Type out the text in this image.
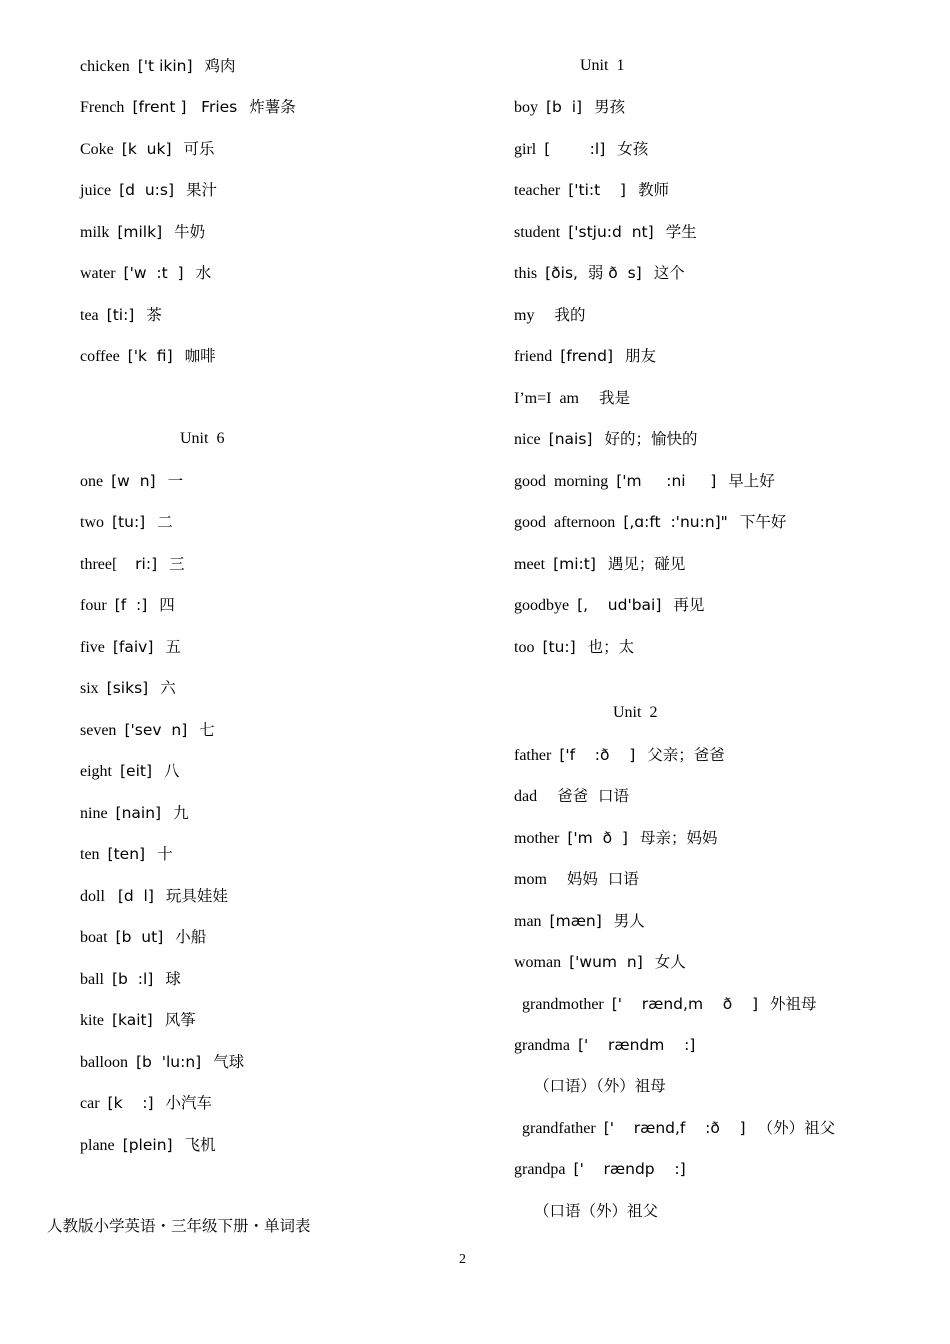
chicken ['t ikin] 鸡肉
French [frent ]   Fries 炸薯条
Coke [k  uk] 可乐
juice [d  u:s] 果汁
milk [milk] 牛奶
water ['w  :t  ] 水
tea [ti:] 茶
coffee ['k  fi] 咖啡
one [w  n] 一
two [tu:] 二
three[    ri:] 三
four [f  :] 四
five [faiv] 五
six [siks] 六
seven ['sev  n] 七
eight [eit] 八
nine [nain] 九
ten [ten] 十
doll   [d  l] 玩具娃娃
boat [b  ut] 小船
ball [b  :l] 球
kite [kait] 风筝
balloon [b  'lu:n] 气球
car [k    :] 小汽车
plane [plein] 飞机
boy [b  i] 男孩
girl [        :l] 女孩
teacher ['ti:t    ] 教师
student ['stju:d  nt] 学生
this [ðis,  弱 ð  s] 这个
my 我的
friend [frend] 朋友
I’m=I  am 我是
nice [nais] 好的；愉快的
good  morning ['m     :ni     ] 早上好
good  afternoon [,ɑ:ft  :'nu:n]" 下午好
meet [mi:t] 遇见；碰见
goodbye [,    ud'bai] 再见
too [tu:] 也；太
father ['f    :ð    ] 父亲；爸爸
dad 爸爸  口语
mother ['m  ð  ] 母亲；妈妈
mom 妈妈  口语
man [mæn] 男人
woman ['wum  n] 女人
grandmother ['    rænd,m    ð    ] 外祖母
grandma ['    rændm    :]
（口语）（外）祖母
grandfather ['    rænd,f    :ð    ] （外）祖父
grandpa ['    rændp    :]
（口语（外）祖父
Unit  6
Unit  1
Unit  2
人教版小学英语・三年级下册・单词表
2
